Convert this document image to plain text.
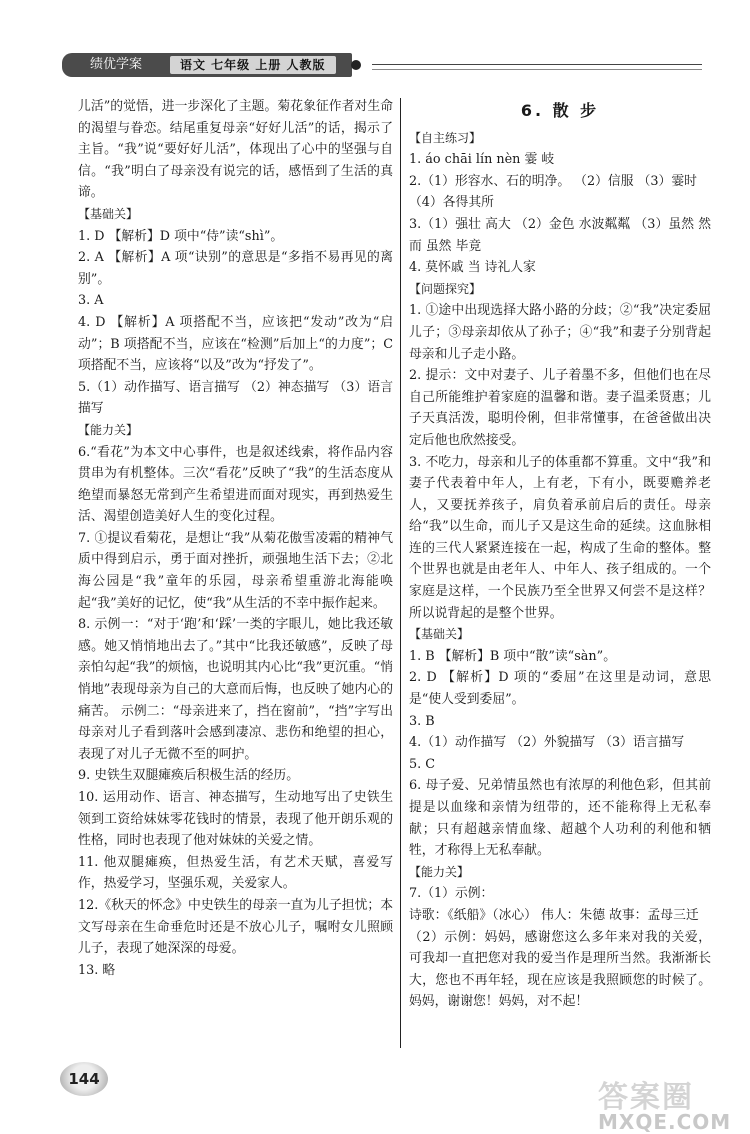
绩优学案	语文 七年级 上册 人教版

儿活”的觉悟，进一步深化了主题。菊花象征作者对生命的渴望与眷恋。结尾重复母亲“好好儿活”的话，揭示了主旨。“我”说“要好好儿活”，体现出了心中的坚强与自信。“我”明白了母亲没有说完的话，感悟到了生活的真谛。

【基础关】

1. D 【解析】D 项中“侍”读“shì”。

2. A 【解析】A 项“诀别”的意思是“多指不易再见的离别”。

3. A

4. D 【解析】A 项搭配不当，应该把“发动”改为“启动”；B 项搭配不当，应该在“检测”后加上“的力度”；C 项搭配不当，应该将“以及”改为“抒发了”。

5.（1）动作描写、语言描写 （2）神态描写 （3）语言描写

【能力关】

6.“看花”为本文中心事件，也是叙述线索，将作品内容贯串为有机整体。三次“看花”反映了“我”的生活态度从绝望而暴怒无常到产生希望进而面对现实，再到热爱生活、渴望创造美好人生的变化过程。

7. ①提议看菊花，是想让“我”从菊花傲雪凌霜的精神气质中得到启示，勇于面对挫折，顽强地生活下去；②北海公园是“我”童年的乐园，母亲希望重游北海能唤起“我”美好的记忆，使“我”从生活的不幸中振作起来。

8. 示例一：“对于‘跑’和‘踩’一类的字眼儿，她比我还敏感。她又悄悄地出去了。”其中“比我还敏感”，反映了母亲怕勾起“我”的烦恼，也说明其内心比“我”更沉重。“悄悄地”表现母亲为自己的大意而后悔，也反映了她内心的痛苦。 示例二：“母亲进来了，挡在窗前”，“挡”字写出母亲对儿子看到落叶会感到凄凉、悲伤和绝望的担心，表现了对儿子无微不至的呵护。

9. 史铁生双腿瘫痪后积极生活的经历。

10. 运用动作、语言、神态描写，生动地写出了史铁生领到工资给妹妹零花钱时的情景，表现了他开朗乐观的性格，同时也表现了他对妹妹的关爱之情。

11. 他双腿瘫痪，但热爱生活，有艺术天赋，喜爱写作，热爱学习，坚强乐观，关爱家人。

12.《秋天的怀念》中史铁生的母亲一直为儿子担忧；本文写母亲在生命垂危时还是不放心儿子，嘱咐女儿照顾儿子，表现了她深深的母爱。

13. 略

6. 散 步

【自主练习】

1. áo chāi lín nèn 霎 岐

2.（1）形容水、石的明净。 （2）信服 （3）霎时

（4）各得其所

3.（1）强壮 高大 （2）金色 水波粼粼 （3）虽然 然而 虽然 毕竟

4. 莫怀戚 当 诗礼人家

【问题探究】

1. ①途中出现选择大路小路的分歧；②“我”决定委屈儿子；③母亲却依从了孙子；④“我”和妻子分别背起母亲和儿子走小路。

2. 提示：文中对妻子、儿子着墨不多，但他们也在尽自己所能维护着家庭的温馨和谐。妻子温柔贤惠；儿子天真活泼，聪明伶俐，但非常懂事，在爸爸做出决定后他也欣然接受。

3. 不吃力，母亲和儿子的体重都不算重。文中“我”和妻子代表着中年人，上有老，下有小，既要赡养老人，又要抚养孩子，肩负着承前启后的责任。母亲给“我”以生命，而儿子又是这生命的延续。这血脉相连的三代人紧紧连接在一起，构成了生命的整体。整个世界也就是由老年人、中年人、孩子组成的。一个家庭是这样，一个民族乃至全世界又何尝不是这样？所以说背起的是整个世界。

【基础关】

1. B 【解析】B 项中“散”读“sàn”。

2. D 【解析】D 项的“委屈”在这里是动词，意思是“使人受到委屈”。

3. B

4.（1）动作描写 （2）外貌描写 （3）语言描写

5. C

6. 母子爱、兄弟情虽然也有浓厚的利他色彩，但其前提是以血缘和亲情为纽带的，还不能称得上无私奉献；只有超越亲情血缘、超越个人功利的利他和牺牲，才称得上无私奉献。

【能力关】

7.（1）示例：

诗歌：《纸船》（冰心） 伟人：朱德 故事：孟母三迁

（2）示例：妈妈，感谢您这么多年来对我的关爱，可我却一直把您对我的爱当作是理所当然。我渐渐长大，您也不再年轻，现在应该是我照顾您的时候了。妈妈，谢谢您！妈妈，对不起！

144
答案圈
MXQE.COM
